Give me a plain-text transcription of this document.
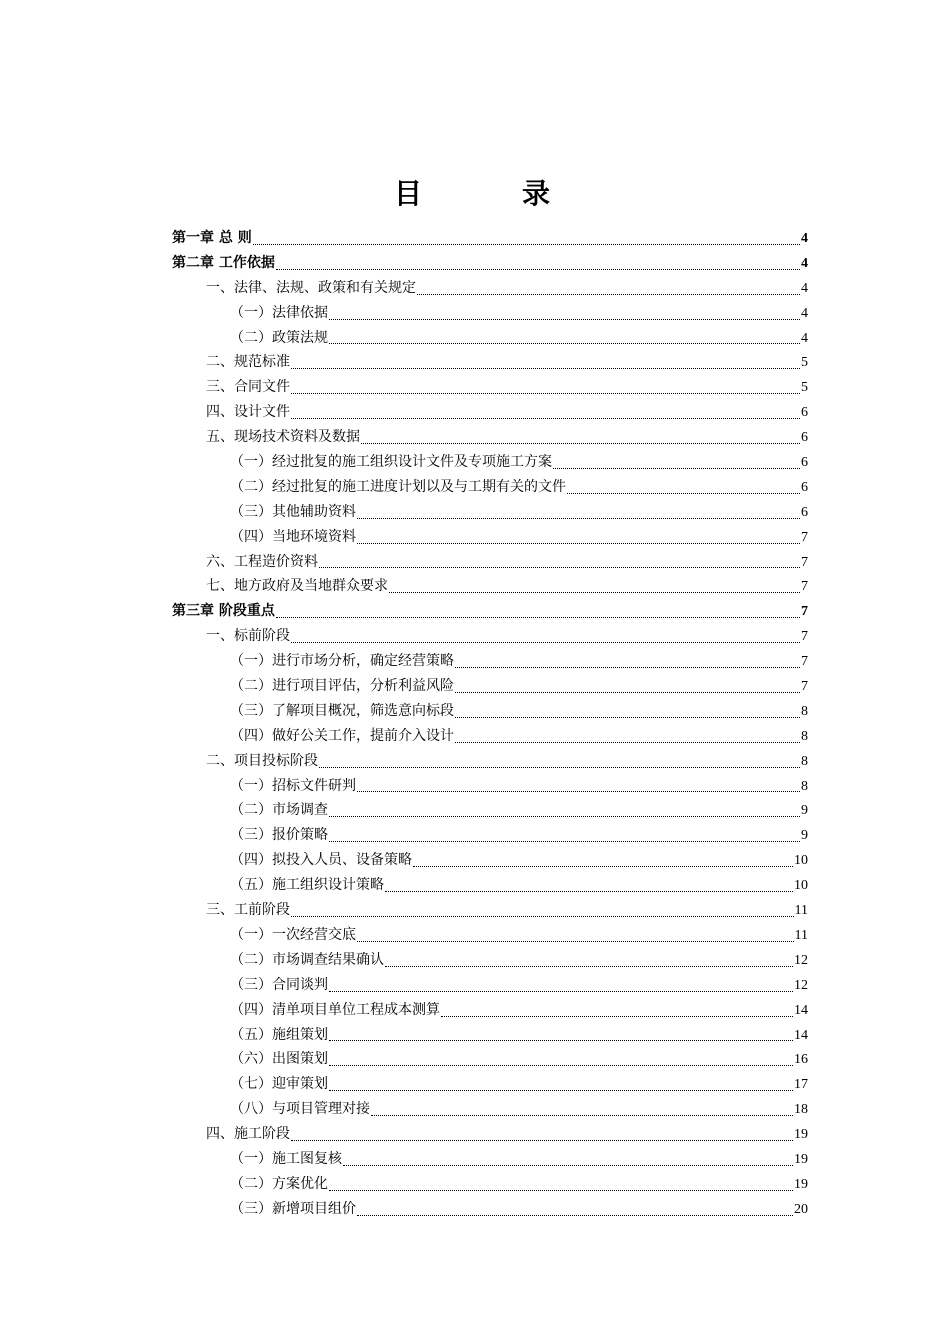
目　录
第一章 总 则	4
第二章 工作依据	4
一、法律、法规、政策和有关规定	4
（一）法律依据	4
（二）政策法规	4
二、规范标准	5
三、合同文件	5
四、设计文件	6
五、现场技术资料及数据	6
（一）经过批复的施工组织设计文件及专项施工方案	6
（二）经过批复的施工进度计划以及与工期有关的文件	6
（三）其他辅助资料	6
（四）当地环境资料	7
六、工程造价资料	7
七、地方政府及当地群众要求	7
第三章 阶段重点	7
一、标前阶段	7
（一）进行市场分析，确定经营策略	7
（二）进行项目评估，分析利益风险	7
（三）了解项目概况，筛选意向标段	8
（四）做好公关工作，提前介入设计	8
二、项目投标阶段	8
（一）招标文件研判	8
（二）市场调查	9
（三）报价策略	9
（四）拟投入人员、设备策略	10
（五）施工组织设计策略	10
三、工前阶段	11
（一）一次经营交底	11
（二）市场调查结果确认	12
（三）合同谈判	12
（四）清单项目单位工程成本测算	14
（五）施组策划	14
（六）出图策划	16
（七）迎审策划	17
（八）与项目管理对接	18
四、施工阶段	19
（一）施工图复核	19
（二）方案优化	19
（三）新增项目组价	20
